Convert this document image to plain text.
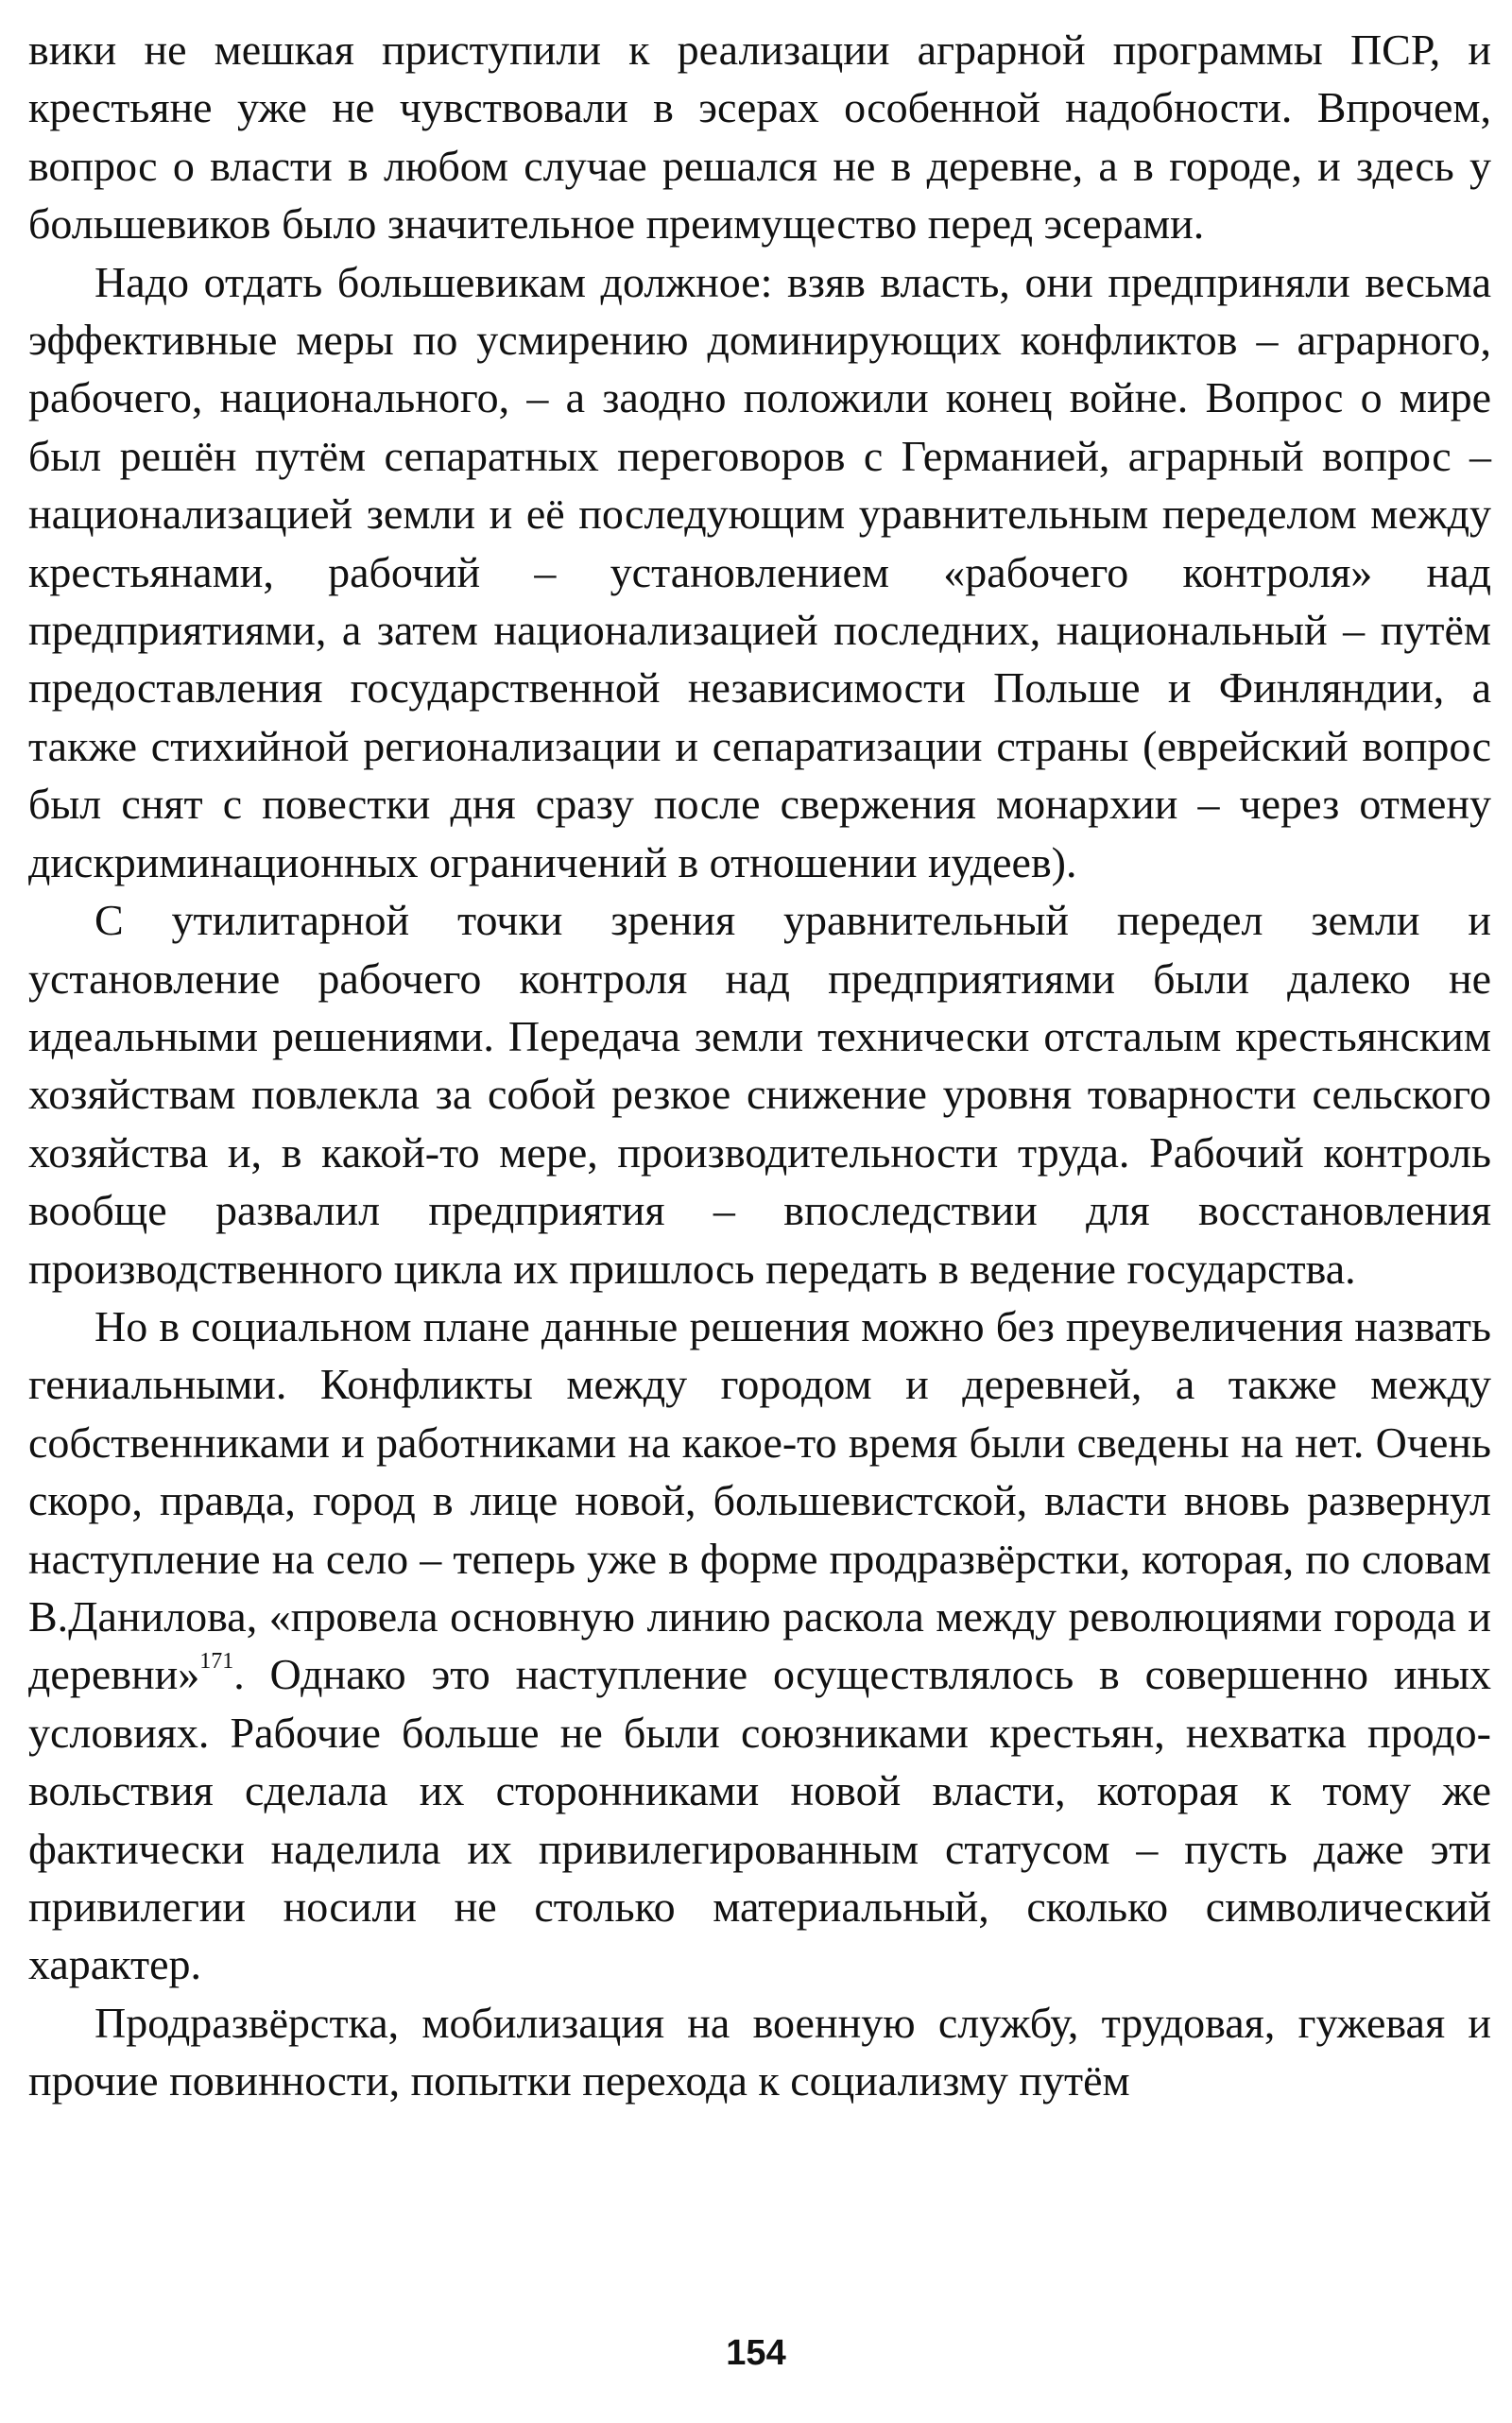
вики не мешкая приступили к реализации аграрной программы ПСР, и крестьяне уже не чувствовали в эсерах особенной надобности. Впрочем, вопрос о власти в любом случае решался не в деревне, а в городе, и здесь у большевиков было значительное преимущество перед эсерами.

Надо отдать большевикам должное: взяв власть, они предприняли весьма эффективные меры по усмирению доминирующих конфликтов – аграрного, рабочего, национального, – а заодно положили конец войне. Вопрос о мире был решён путём сепаратных переговоров с Германией, аграрный вопрос – национализацией земли и её последующим уравнительным переделом между крестьянами, рабочий – установлением «рабочего контроля» над предприятиями, а затем национализацией последних, национальный – путём предоставления государственной независимости Польше и Финляндии, а также стихийной регионализации и сепаратизации страны (еврейский вопрос был снят с повестки дня сразу после свержения монархии – через отмену дискриминационных ограничений в отношении иудеев).

С утилитарной точки зрения уравнительный передел земли и установление рабочего контроля над предприятиями были далеко не идеальными решениями. Передача земли технически отсталым крестьянским хозяйствам повлекла за собой резкое снижение уровня товарности сельского хозяйства и, в какой-то мере, производительности труда. Рабочий контроль вообще развалил предприятия – впоследствии для восстановления производственного цикла их пришлось передать в ведение государства.

Но в социальном плане данные решения можно без преувеличения назвать гениальными. Конфликты между городом и деревней, а также между собственниками и работниками на какое-то время были сведены на нет. Очень скоро, правда, город в лице новой, большевистской, власти вновь развернул наступление на село – теперь уже в форме продразвёрстки, которая, по словам В.Данилова, «провела основную линию раскола между революциями города и деревни»$^{171}$. Однако это наступление осуществлялось в совершенно иных условиях. Рабочие больше не были союзниками крестьян, нехватка продовольствия сделала их сторонниками новой власти, которая к тому же фактически наделила их привилегированным статусом – пусть даже эти привилегии носили не столько материальный, сколько символический характер.

Продразвёрстка, мобилизация на военную службу, трудовая, гужевая и прочие повинности, попытки перехода к социализму путём

154
